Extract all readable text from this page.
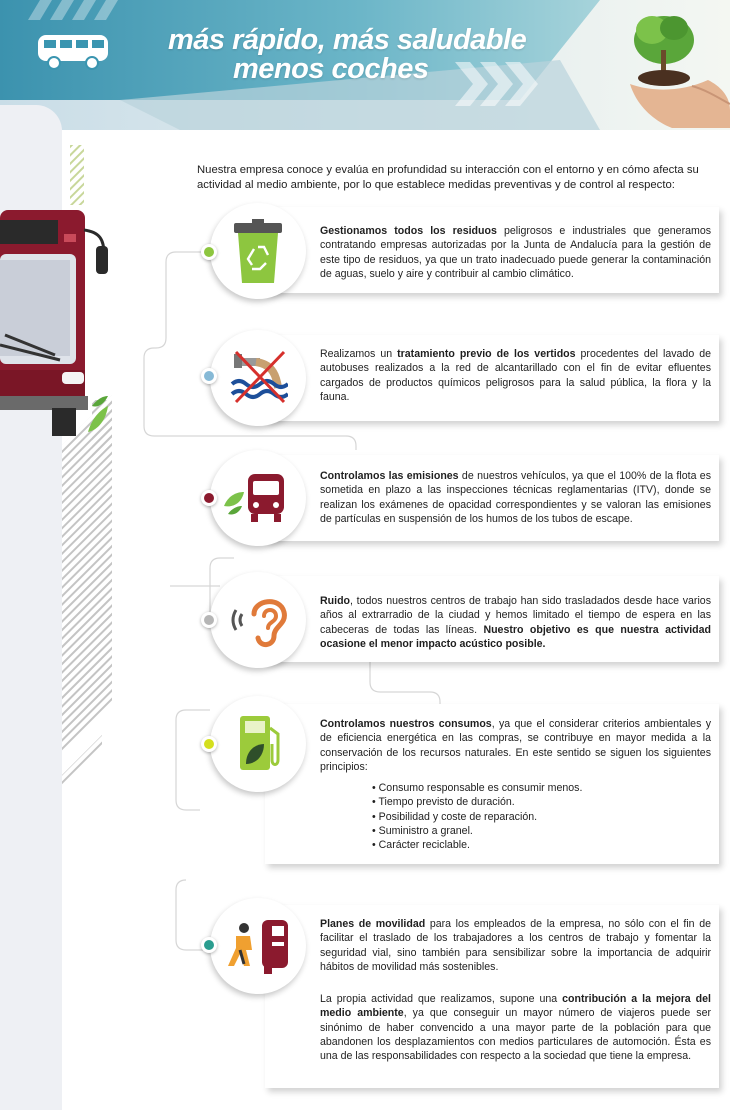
más rápido, más saludable
menos coches
Nuestra empresa conoce y evalúa en profundidad su interacción con el entorno y en cómo afecta su actividad al medio ambiente, por lo que establece medidas preventivas y de control al respecto:
Gestionamos todos los residuos peligrosos e industriales que generamos contratando empresas autorizadas por la Junta de Andalucía para la gestión de este tipo de residuos, ya que un trato inadecuado puede generar la contaminación de aguas, suelo y aire y contribuir al cambio climático.
Realizamos un tratamiento previo de los vertidos procedentes del lavado de autobuses realizados a la red de alcantarillado con el fin de evitar efluentes cargados de productos químicos peligrosos para la salud pública, la flora y la fauna.
Controlamos las emisiones de nuestros vehículos, ya que el 100% de la flota es sometida en plazo a las inspecciones técnicas reglamentarias (ITV), donde se realizan los exámenes de opacidad correspondientes y se valoran las emisiones de partículas en suspensión de los humos de los tubos de escape.
Ruido, todos nuestros centros de trabajo han sido trasladados desde hace varios años al extrarradio de la ciudad y hemos limitado el tiempo de espera en las cabeceras de todas las líneas. Nuestro objetivo es que nuestra actividad ocasione el menor impacto acústico posible.
Controlamos nuestros consumos, ya que el considerar criterios ambientales y de eficiencia energética en las compras, se contribuye en mayor medida a la conservación de los recursos naturales. En este sentido se siguen los siguientes principios:
• Consumo responsable es consumir menos.
• Tiempo previsto de duración.
• Posibilidad y coste de reparación.
• Suministro a granel.
• Carácter reciclable.
Planes de movilidad para los empleados de la empresa, no sólo con el fin de facilitar el traslado de los trabajadores a los centros de trabajo y fomentar la seguridad vial, sino también para sensibilizar sobre la importancia de adquirir hábitos de movilidad más sostenibles.
La propia actividad que realizamos, supone una contribución a la mejora del medio ambiente, ya que conseguir un mayor número de viajeros puede ser sinónimo de haber convencido a una mayor parte de la población para que abandonen los desplazamientos con medios particulares de automoción. Ésta es una de las responsabilidades con respecto a la sociedad que tiene la empresa.
